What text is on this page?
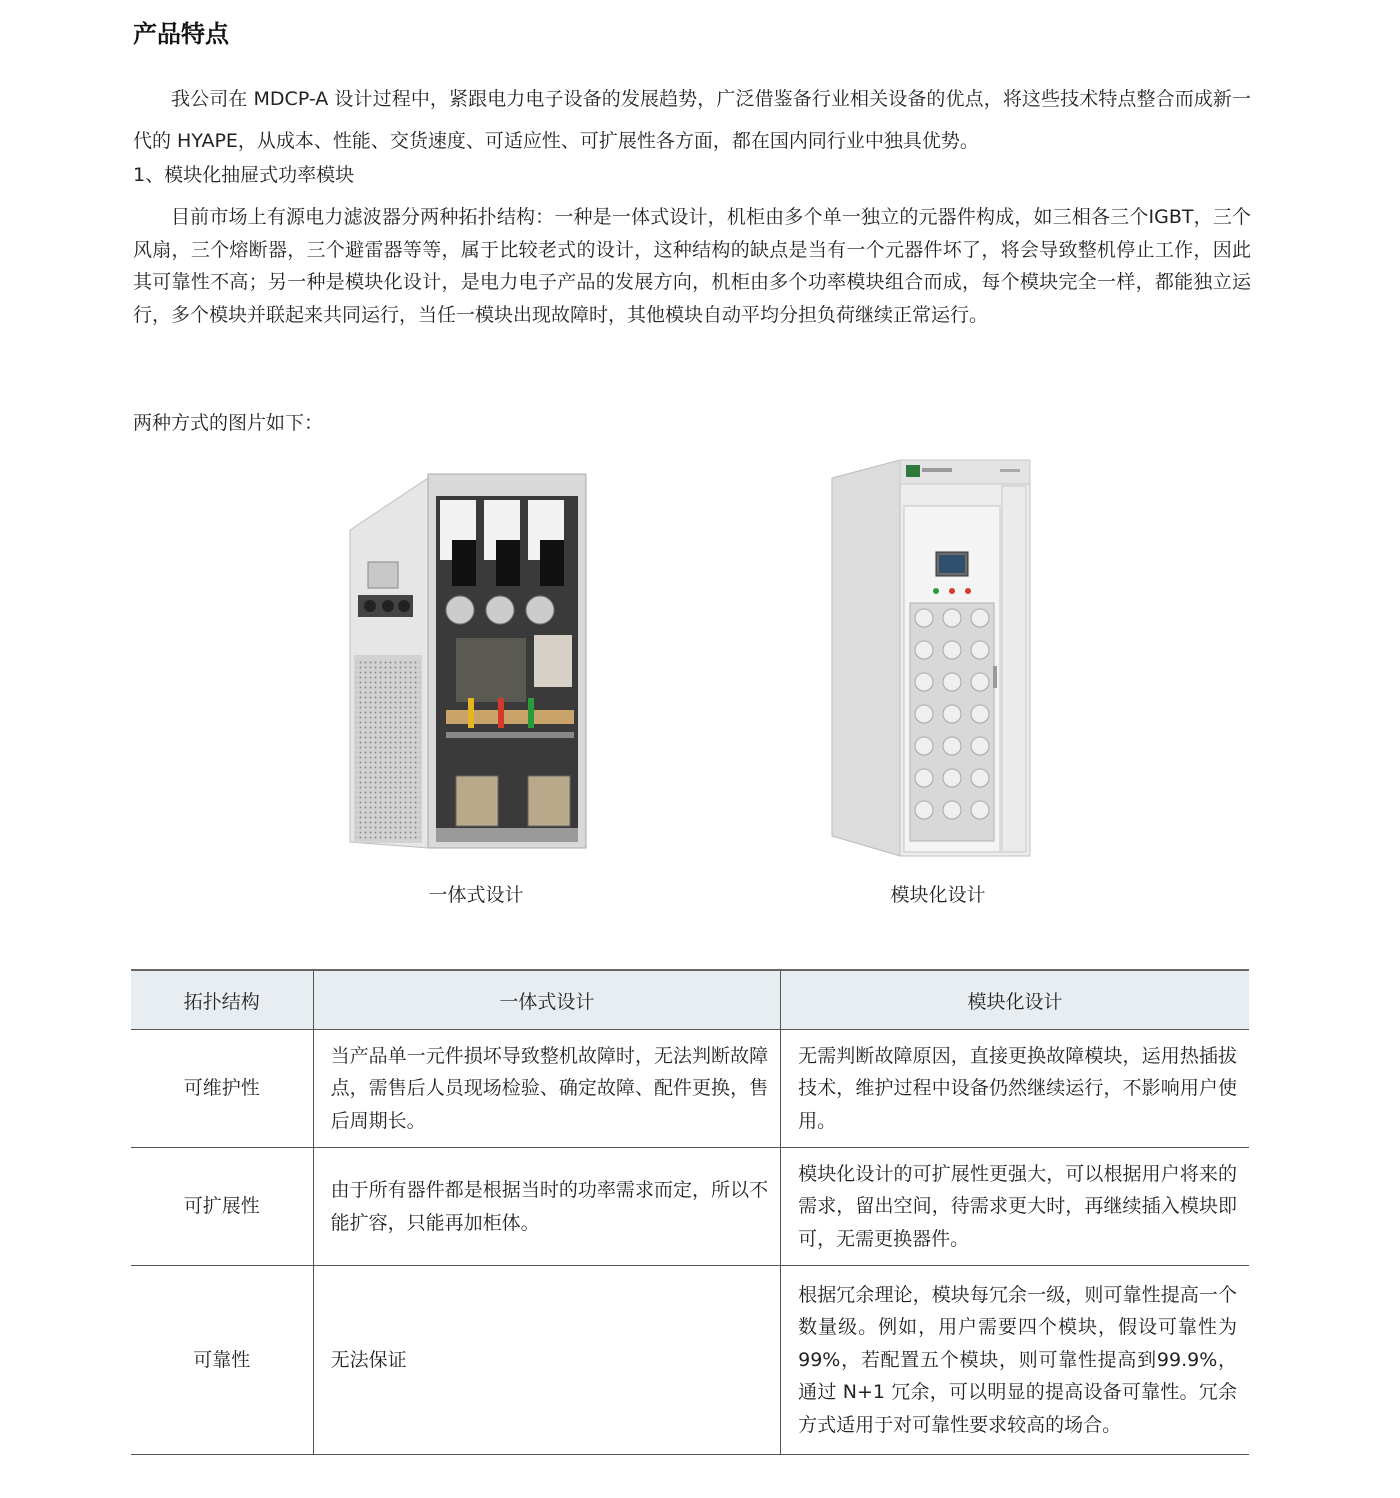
产品特点
我公司在 MDCP-A 设计过程中，紧跟电力电子设备的发展趋势，广泛借鉴备行业相关设备的优点，将这些技术特点整合而成新一代的 HYAPE，从成本、性能、交货速度、可适应性、可扩展性各方面，都在国内同行业中独具优势。
1、模块化抽屉式功率模块
目前市场上有源电力滤波器分两种拓扑结构：一种是一体式设计，机柜由多个单一独立的元器件构成，如三相各三个IGBT，三个风扇，三个熔断器，三个避雷器等等，属于比较老式的设计，这种结构的缺点是当有一个元器件坏了，将会导致整机停止工作，因此其可靠性不高；另一种是模块化设计，是电力电子产品的发展方向，机柜由多个功率模块组合而成，每个模块完全一样，都能独立运行，多个模块并联起来共同运行，当任一模块出现故障时，其他模块自动平均分担负荷继续正常运行。
两种方式的图片如下：
一体式设计	模块化设计
拓扑结构	一体式设计	模块化设计
可维护性	当产品单一元件损坏导致整机故障时，无法判断故障点，需售后人员现场检验、确定故障、配件更换，售后周期长。	无需判断故障原因，直接更换故障模块，运用热插拔技术，维护过程中设备仍然继续运行，不影响用户使用。
可扩展性	由于所有器件都是根据当时的功率需求而定，所以不能扩容，只能再加柜体。	模块化设计的可扩展性更强大，可以根据用户将来的需求，留出空间，待需求更大时，再继续插入模块即可，无需更换器件。
可靠性	无法保证	根据冗余理论，模块每冗余一级，则可靠性提高一个数量级。例如，用户需要四个模块，假设可靠性为 99%，若配置五个模块，则可靠性提高到99.9%，通过 N+1 冗余，可以明显的提高设备可靠性。冗余方式适用于对可靠性要求较高的场合。
